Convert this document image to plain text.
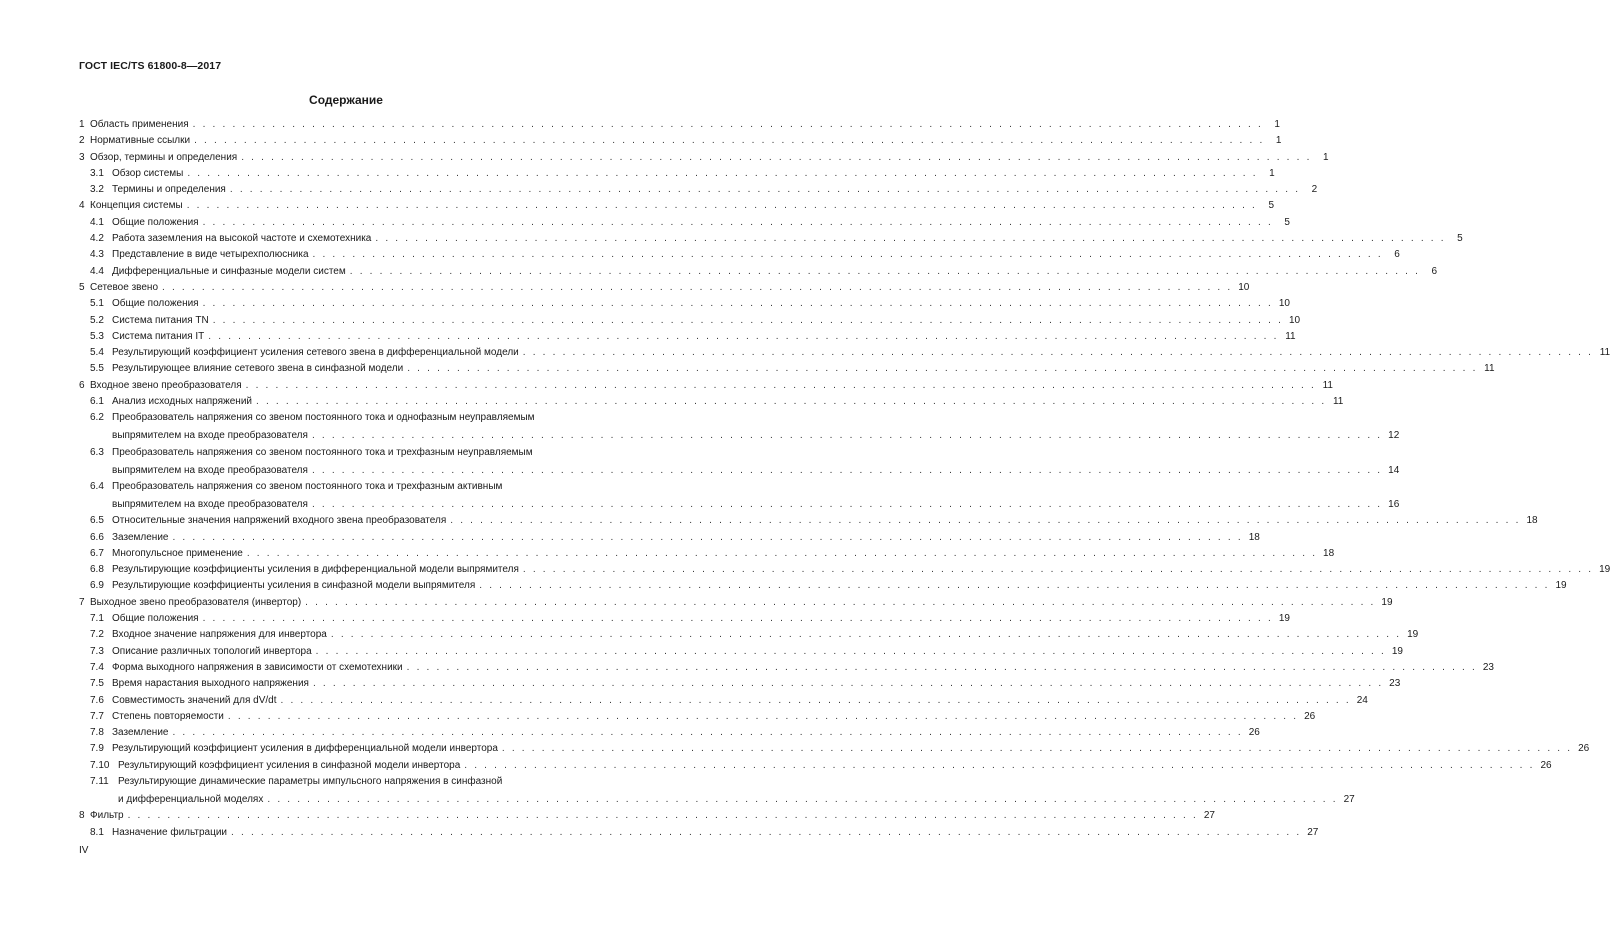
ГОСТ IEC/TS 61800-8—2017
Содержание
1 Область применения . . . . . . . . . . . . . . . . . . . . . . . . . . . . . . . . . . . . . . . . . . . . . . . . . . . . . . . . . . . . . . . . . . . . . . . . . . . . . . . . . . . . . . . . . . . . . . . . . . . . . . . . . . . .	1
2 Нормативные ссылки . . . . . . . . . . . . . . . . . . . . . . . . . . . . . . . . . . . . . . . . . . . . . . . . . . . . . . . . . . . . . . . . . . . . . . . . . . . . . . . . . . . . . . . . . . . . . . . . . . . . . . . . . . . .	1
3 Обзор, термины и определения . . . . . . . . . . . . . . . . . . . . . . . . . . . . . . . . . . . . . . . . . . . . . . . . . . . . . . . . . . . . . . . . . . . . . . . . . . . . . . . . . . . . . . . . . . . . . . . . . . . . . . . . . . . .	1
3.1 Обзор системы . . . . . . . . . . . . . . . . . . . . . . . . . . . . . . . . . . . . . . . . . . . . . . . . . . . . . . . . . . . . . . . . . . . . . . . . . . . . . . . . . . . . . . . . . . . . . . . . . . . . . . . . . . . .	1
3.2 Термины и определения . . . . . . . . . . . . . . . . . . . . . . . . . . . . . . . . . . . . . . . . . . . . . . . . . . . . . . . . . . . . . . . . . . . . . . . . . . . . . . . . . . . . . . . . . . . . . . . . . . . . . . . . . . . .	2
4 Концепция системы . . . . . . . . . . . . . . . . . . . . . . . . . . . . . . . . . . . . . . . . . . . . . . . . . . . . . . . . . . . . . . . . . . . . . . . . . . . . . . . . . . . . . . . . . . . . . . . . . . . . . . . . . . . .	5
4.1 Общие положения . . . . . . . . . . . . . . . . . . . . . . . . . . . . . . . . . . . . . . . . . . . . . . . . . . . . . . . . . . . . . . . . . . . . . . . . . . . . . . . . . . . . . . . . . . . . . . . . . . . . . . . . . . . .	5
4.2 Работа заземления на высокой частоте и схемотехника . . . . . . . . . . . . . . . . . . . . . . . . . . . . . . . . . . . . . . . . . . . . . . . . . . . . . . . . . . . . . . . . . . . . . . . . . . . . . . . . . . . . . . . . . . . . . . . . . . . . . . . . . . . .	5
4.3 Представление в виде четырехполюсника . . . . . . . . . . . . . . . . . . . . . . . . . . . . . . . . . . . . . . . . . . . . . . . . . . . . . . . . . . . . . . . . . . . . . . . . . . . . . . . . . . . . . . . . . . . . . . . . . . . . . . . . . . . .	6
4.4 Дифференциальные и синфазные модели систем . . . . . . . . . . . . . . . . . . . . . . . . . . . . . . . . . . . . . . . . . . . . . . . . . . . . . . . . . . . . . . . . . . . . . . . . . . . . . . . . . . . . . . . . . . . . . . . . . . . . . . . . . . . .	6
5 Сетевое звено . . . . . . . . . . . . . . . . . . . . . . . . . . . . . . . . . . . . . . . . . . . . . . . . . . . . . . . . . . . . . . . . . . . . . . . . . . . . . . . . . . . . . . . . . . . . . . . . . . . . . . . . . . . . 10
5.1 Общие положения . . . . . . . . . . . . . . . . . . . . . . . . . . . . . . . . . . . . . . . . . . . . . . . . . . . . . . . . . . . . . . . . . . . . . . . . . . . . . . . . . . . . . . . . . . . . . . . . . . . . . . . . . . . . 10
5.2 Система питания TN . . . . . . . . . . . . . . . . . . . . . . . . . . . . . . . . . . . . . . . . . . . . . . . . . . . . . . . . . . . . . . . . . . . . . . . . . . . . . . . . . . . . . . . . . . . . . . . . . . . . . . . . . . . . 10
5.3 Система питания IT . . . . . . . . . . . . . . . . . . . . . . . . . . . . . . . . . . . . . . . . . . . . . . . . . . . . . . . . . . . . . . . . . . . . . . . . . . . . . . . . . . . . . . . . . . . . . . . . . . . . . . . . . . . . 11
5.4 Результирующий коэффициент усиления сетевого звена в дифференциальной модели . . . . . . . . . . . . . . . . . . . . . . . . . . . . . . . . . . . . . . . . . . . . . . . . . . . . . . . . . . . . . . . . . . . . . . . . . . . . . . . . . . . . . . . . . . . . . . . . . . . . . . . . . . . . 11
5.5 Результирующее влияние сетевого звена в синфазной модели . . . . . . . . . . . . . . . . . . . . . . . . . . . . . . . . . . . . . . . . . . . . . . . . . . . . . . . . . . . . . . . . . . . . . . . . . . . . . . . . . . . . . . . . . . . . . . . . . . . . . . . . . . . . 11
6 Входное звено преобразователя . . . . . . . . . . . . . . . . . . . . . . . . . . . . . . . . . . . . . . . . . . . . . . . . . . . . . . . . . . . . . . . . . . . . . . . . . . . . . . . . . . . . . . . . . . . . . . . . . . . . . . . . . . . . 11
6.1 Анализ исходных напряжений . . . . . . . . . . . . . . . . . . . . . . . . . . . . . . . . . . . . . . . . . . . . . . . . . . . . . . . . . . . . . . . . . . . . . . . . . . . . . . . . . . . . . . . . . . . . . . . . . . . . . . . . . . . . 11
6.2 Преобразователь напряжения со звеном постоянного тока и однофазным неуправляемым
выпрямителем на входе преобразователя . . . . . . . . . . . . . . . . . . . . . . . . . . . . . . . . . . . . . . . . . . . . . . . . . . . . . . . . . . . . . . . . . . . . . . . . . . . . . . . . . . . . . . . . . . . . . . . . . . . . . . . . . . . . 12
6.3 Преобразователь напряжения со звеном постоянного тока и трехфазным неуправляемым
выпрямителем на входе преобразователя . . . . . . . . . . . . . . . . . . . . . . . . . . . . . . . . . . . . . . . . . . . . . . . . . . . . . . . . . . . . . . . . . . . . . . . . . . . . . . . . . . . . . . . . . . . . . . . . . . . . . . . . . . . . 14
6.4 Преобразователь напряжения со звеном постоянного тока и трехфазным активным
выпрямителем на входе преобразователя . . . . . . . . . . . . . . . . . . . . . . . . . . . . . . . . . . . . . . . . . . . . . . . . . . . . . . . . . . . . . . . . . . . . . . . . . . . . . . . . . . . . . . . . . . . . . . . . . . . . . . . . . . . . 16
6.5 Относительные значения напряжений входного звена преобразователя . . . . . . . . . . . . . . . . . . . . . . . . . . . . . . . . . . . . . . . . . . . . . . . . . . . . . . . . . . . . . . . . . . . . . . . . . . . . . . . . . . . . . . . . . . . . . . . . . . . . . . . . . . . . 18
6.6 Заземление . . . . . . . . . . . . . . . . . . . . . . . . . . . . . . . . . . . . . . . . . . . . . . . . . . . . . . . . . . . . . . . . . . . . . . . . . . . . . . . . . . . . . . . . . . . . . . . . . . . . . . . . . . . . 18
6.7 Многопульсное применение . . . . . . . . . . . . . . . . . . . . . . . . . . . . . . . . . . . . . . . . . . . . . . . . . . . . . . . . . . . . . . . . . . . . . . . . . . . . . . . . . . . . . . . . . . . . . . . . . . . . . . . . . . . . 18
6.8 Результирующие коэффициенты усиления в дифференциальной модели выпрямителя . . . . . . . . . . . . . . . . . . . . . . . . . . . . . . . . . . . . . . . . . . . . . . . . . . . . . . . . . . . . . . . . . . . . . . . . . . . . . . . . . . . . . . . . . . . . . . . . . . . . . . . . . . . . 19
6.9 Результирующие коэффициенты усиления в синфазной модели выпрямителя . . . . . . . . . . . . . . . . . . . . . . . . . . . . . . . . . . . . . . . . . . . . . . . . . . . . . . . . . . . . . . . . . . . . . . . . . . . . . . . . . . . . . . . . . . . . . . . . . . . . . . . . . . . . 19
7 Выходное звено преобразователя (инвертор) . . . . . . . . . . . . . . . . . . . . . . . . . . . . . . . . . . . . . . . . . . . . . . . . . . . . . . . . . . . . . . . . . . . . . . . . . . . . . . . . . . . . . . . . . . . . . . . . . . . . . . . . . . . . 19
7.1 Общие положения . . . . . . . . . . . . . . . . . . . . . . . . . . . . . . . . . . . . . . . . . . . . . . . . . . . . . . . . . . . . . . . . . . . . . . . . . . . . . . . . . . . . . . . . . . . . . . . . . . . . . . . . . . . . 19
7.2 Входное значение напряжения для инвертора . . . . . . . . . . . . . . . . . . . . . . . . . . . . . . . . . . . . . . . . . . . . . . . . . . . . . . . . . . . . . . . . . . . . . . . . . . . . . . . . . . . . . . . . . . . . . . . . . . . . . . . . . . . . 19
7.3 Описание различных топологий инвертора . . . . . . . . . . . . . . . . . . . . . . . . . . . . . . . . . . . . . . . . . . . . . . . . . . . . . . . . . . . . . . . . . . . . . . . . . . . . . . . . . . . . . . . . . . . . . . . . . . . . . . . . . . . . 19
7.4 Форма выходного напряжения в зависимости от схемотехники . . . . . . . . . . . . . . . . . . . . . . . . . . . . . . . . . . . . . . . . . . . . . . . . . . . . . . . . . . . . . . . . . . . . . . . . . . . . . . . . . . . . . . . . . . . . . . . . . . . . . . . . . . . . 23
7.5 Время нарастания выходного напряжения . . . . . . . . . . . . . . . . . . . . . . . . . . . . . . . . . . . . . . . . . . . . . . . . . . . . . . . . . . . . . . . . . . . . . . . . . . . . . . . . . . . . . . . . . . . . . . . . . . . . . . . . . . . . 23
7.6 Совместимость значений для dV/dt . . . . . . . . . . . . . . . . . . . . . . . . . . . . . . . . . . . . . . . . . . . . . . . . . . . . . . . . . . . . . . . . . . . . . . . . . . . . . . . . . . . . . . . . . . . . . . . . . . . . . . . . . . . . 24
7.7 Степень повторяемости . . . . . . . . . . . . . . . . . . . . . . . . . . . . . . . . . . . . . . . . . . . . . . . . . . . . . . . . . . . . . . . . . . . . . . . . . . . . . . . . . . . . . . . . . . . . . . . . . . . . . . . . . . . . 26
7.8 Заземление . . . . . . . . . . . . . . . . . . . . . . . . . . . . . . . . . . . . . . . . . . . . . . . . . . . . . . . . . . . . . . . . . . . . . . . . . . . . . . . . . . . . . . . . . . . . . . . . . . . . . . . . . . . . 26
7.9 Результирующий коэффициент усиления в дифференциальной модели инвертора . . . . . . . . . . . . . . . . . . . . . . . . . . . . . . . . . . . . . . . . . . . . . . . . . . . . . . . . . . . . . . . . . . . . . . . . . . . . . . . . . . . . . . . . . . . . . . . . . . . . . . . . . . . . 26
7.10 Результирующий коэффициент усиления в синфазной модели инвертора . . . . . . . . . . . . . . . . . . . . . . . . . . . . . . . . . . . . . . . . . . . . . . . . . . . . . . . . . . . . . . . . . . . . . . . . . . . . . . . . . . . . . . . . . . . . . . . . . . . . . . . . . . . . 26
7.11 Результирующие динамические параметры импульсного напряжения в синфазной
и дифференциальной моделях . . . . . . . . . . . . . . . . . . . . . . . . . . . . . . . . . . . . . . . . . . . . . . . . . . . . . . . . . . . . . . . . . . . . . . . . . . . . . . . . . . . . . . . . . . . . . . . . . . . . . . . . . . . . 27
8 Фильтр . . . . . . . . . . . . . . . . . . . . . . . . . . . . . . . . . . . . . . . . . . . . . . . . . . . . . . . . . . . . . . . . . . . . . . . . . . . . . . . . . . . . . . . . . . . . . . . . . . . . . . . . . . . . 27
8.1 Назначение фильтрации . . . . . . . . . . . . . . . . . . . . . . . . . . . . . . . . . . . . . . . . . . . . . . . . . . . . . . . . . . . . . . . . . . . . . . . . . . . . . . . . . . . . . . . . . . . . . . . . . . . . . . . . . . . . 27
IV
